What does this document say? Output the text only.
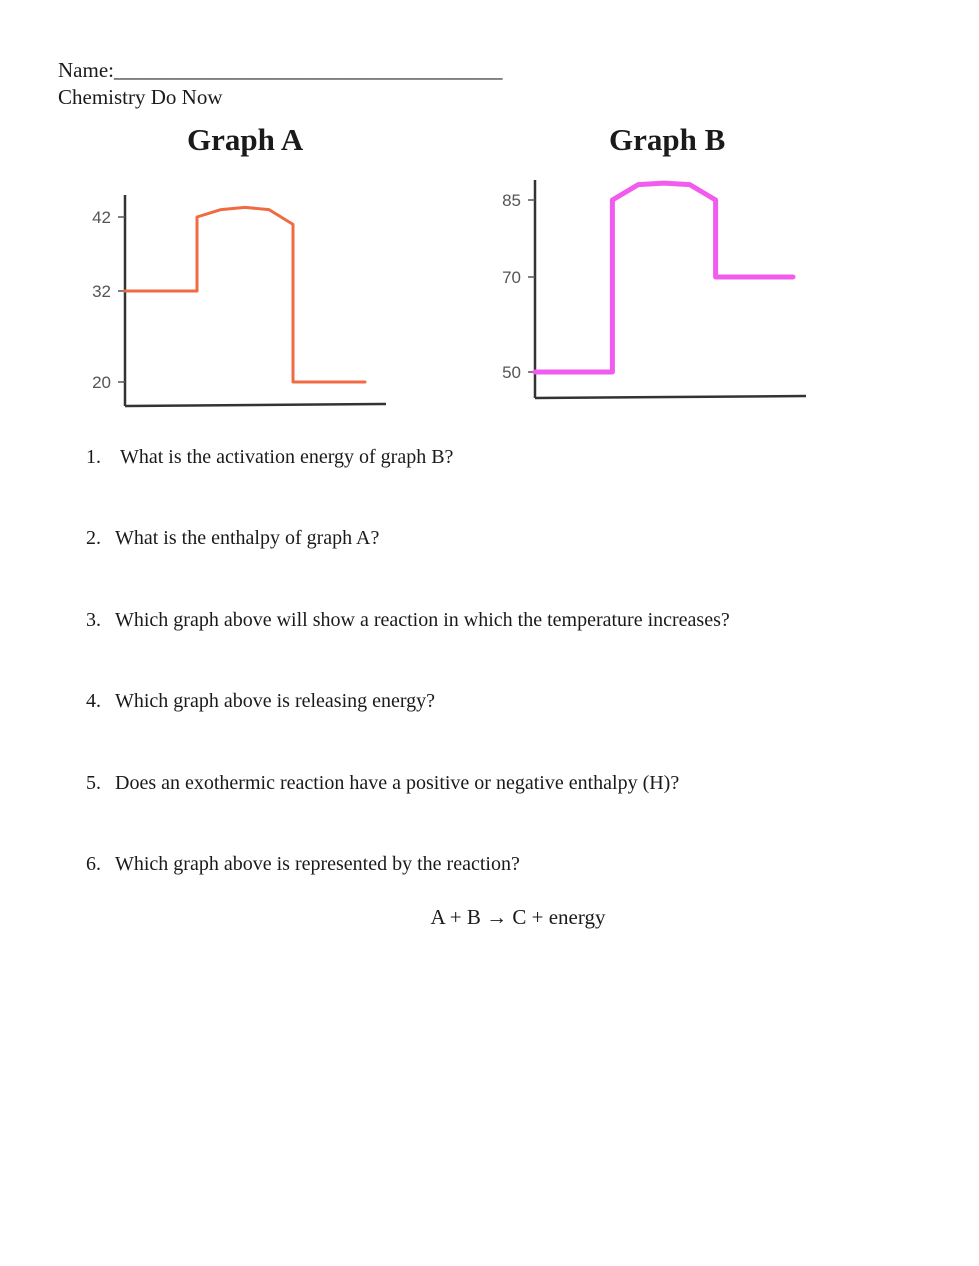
Name:_____________________________________
Chemistry Do Now
Graph A	Graph B
42
32
20
85
70
50
1. What is the activation energy of graph B?
2. What is the enthalpy of graph A?
3. Which graph above will show a reaction in which the temperature increases?
4. Which graph above is releasing energy?
5. Does an exothermic reaction have a positive or negative enthalpy (H)?
6. Which graph above is represented by the reaction?
A + B → C + energy
